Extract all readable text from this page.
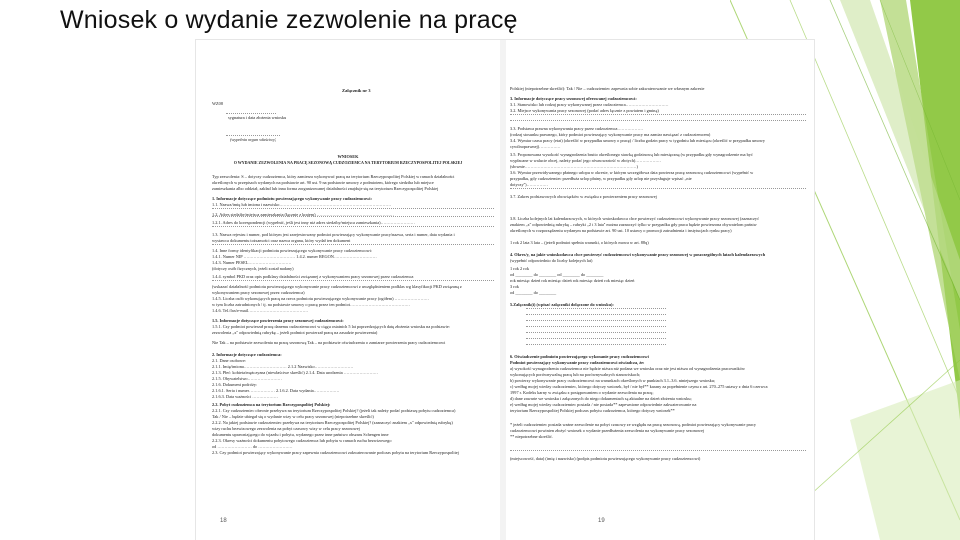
Wniosek o wydanie zezwolenie na pracę
Załącznik nr 3
WZ08
sygnatura i data złożenia wniosku
(wypełnia organ właściwy)
WNIOSEK
O WYDANIE ZEZWOLENIA NA PRACĘ SEZONOWĄ CUDZOZIEMCA NA TERYTORIUM RZECZYPOSPOLITEJ POLSKIEJ
Typ zezwolenia: S – dotyczy cudzoziemca, który zamierza wykonywać pracę na terytorium Rzeczypospolitej Polskiej w ramach działalności
określonych w przepisach wydanych na podstawie art. 90 ust. 9 na podstawie umowy z podmiotem, którego siedziba lub miejsce
zamieszkania albo oddział, zakład lub inna forma zorganizowanej działalności znajduje się na terytorium Rzeczypospolitej Polskiej
1. Informacje dotyczące podmiotu powierzającego wykonywanie pracy cudzoziemcowi:
1.1. Nazwa/imię lub imiona i nazwisko……………………………………………………………………
1.2. Adres siedziby/miejsca zamieszkania (łącznie z krajem) ………………………………………………
1.2.1. Adres do korespondencji (wypełnić, jeśli jest inny niż adres siedziby/miejsca zamieszkania)……………………
1.3. Nazwa rejestru i numer, pod którym jest zarejestrowany podmiot powierzający wykonywanie pracy/nazwa, seria i numer, data wydania i
wystawca dokumentu tożsamości oraz nazwa organu, który wydał ten dokument
1.4. Inne formy identyfikacji podmiotu powierzającego wykonywanie pracy cudzoziemcowi:
1.4.1. Numer NIP ……………………………… 1.4.2. numer REGON…………………………
1.4.3. Numer PESEL…………………………
(dotyczy osób fizycznych, jeżeli został nadany)
1.4.4. symbol PKD oraz opis podklasy działalności związanej z wykonywaniem pracy sezonowej przez cudzoziemca
(wskazać działalność podmiotu powierzającego wykonywanie pracy cudzoziemcowi z uwzględnieniem podklas wg klasyfikacji PKD związaną z
wykonywaniem pracy sezonowej przez cudzoziemca)
1.4.5. Liczba osób wykonujących pracę na rzecz podmiotu powierzającego wykonywanie pracy (ogółem) ……………………
w tym liczba zatrudnionych / tj. na podstawie umowy o pracę przez ten podmiot……………………………………
1.4.6. Tel./fax/e-mail……………………………………
1.5. Informacje dotyczące powierzenia pracy sezonowej cudzoziemcowi:
1.5.1. Czy podmiot powierzał pracę danemu cudzoziemcowi w ciągu ostatnich 5 lat poprzedzających datę złożenia wniosku na podstawie:
zezwolenia „x'' odpowiednią rubrykę – jeżeli podmiot powierzał pracę na zasadzie powierzenia)
Nie Tak – na podstawie zezwolenia na pracę sezonową Tak – na podstawie oświadczenia o zamiarze powierzenia pracy cudzoziemcowi
2. Informacje dotyczące cudzoziemca:
2.1. Dane osobowe:
2.1.1. Imię/imiona………………………… 2.1.2 Nazwisko………………………
2.1.3. Płeć: kobieta/mężczyzna (niewłaściwe skreślić) 2.1.4. Data urodzenia ……………………
2.1.5. Obywatelstwo……………………
2.1.6. Dokument podróży:
2.1.6.1. Seria i numer……………… 2.1.6.2. Data wydania………………
2.1.6.3. Data ważności ………………
2.2. Pobyt cudzoziemca na terytorium Rzeczypospolitej Polskiej:
2.2.1. Czy cudzoziemiec obecnie przebywa na terytorium Rzeczypospolitej Polskiej? (jeżeli tak należy podać podstawę pobytu cudzoziemca)
Tak / Nie – będzie ubiegał się o wydanie wizy w celu pracy sezonowej (niepotrzebne skreślić)
2.2.2. Na jakiej podstawie cudzoziemiec przebywa na terytorium Rzeczypospolitej Polskiej? (zaznaczyć znakiem „x'' odpowiednią rubrykę)
wizy ruchu bezwizowego zezwolenia na pobyt czasowy wizy w celu pracy sezonowej
dokumentu uprawniającego do wjazdu i pobytu, wydanego przez inne państwo obszaru Schengen inne
2.2.3. Okresy ważności dokumentu pobytowego cudzoziemca lub pobytu w ramach ruchu bezwizowego
od …………………… do ……………………
2.3. Czy podmiot powierzający wykonywanie pracy zapewnia cudzoziemcowi zakwaterowanie podczas pobytu na terytorium Rzeczypospolitej
18
Polskiej (niepotrzebne skreślić): Tak / Nie – cudzoziemiec zapewnia sobie zakwaterowanie we własnym zakresie
3. Informacje dotyczące pracy sezonowej oferowanej cudzoziemcowi:
3.1. Stanowisko lub rodzaj pracy wykonywanej przez cudzoziemca…………………………
3.2. Miejsce wykonywania pracy sezonowej (podać adres łącznie z powiatem i gminą)
3.3. Podstawa prawna wykonywania pracy przez cudzoziemca………………
(rodzaj stosunku prawnego, który podmiot powierzający wykonywanie pracy ma zamiar nawiązać z cudzoziemcem)
3.4. Wymiar czasu pracy (etat) (określić w przypadku umowy o pracę) / liczba godzin pracy w tygodniu lub miesiącu (określić w przypadku umowy
cywilnoprawnej)……………
3.5. Proponowana wysokość wynagrodzenia brutto określonego stawką godzinową lub miesięczną (w przypadku gdy wynagrodzenie ma być
wypłacane w walucie obcej, należy podać jego równowartość w złotych)………………
(słownie……………………………………………………………………)
3.6. Wymiar przewidywanego płatnego urlopu w okresie, w którym szczegółowa data powierza pracę sezonową cudzoziemcowi (wypełnić w
przypadku, gdy cudzoziemiec przedłuża urlop płatny, w przypadku gdy urlop nie przysługuje wpisać „nie
dotyczy'')……………
3.7. Zakres podstawowych obowiązków w związku z powierzeniem pracy sezonowej
3.8. Liczba kolejnych lat kalendarzowych, w których wnioskodawca chce powierzyć cudzoziemcowi wykonywanie pracy sezonowej (zaznaczyć
znakiem „x'' odpowiednią rubrykę – rubryki „2 i 3 lata'' można zaznaczyć tylko w przypadku gdy praca będzie powierzona obywatelom państw
określonych w rozporządzeniu wydanym na podstawie art. 90 ust. 10 ustawy o promocji zatrudnienia i instytucjach rynku pracy)
1 rok 2 lata 3 lata – (jeżeli podmiot spełnia warunki, o których mowa w art. 88q)
4. Okres/y, na jakie wnioskodawca chce powierzyć cudzoziemcowi wykonywanie pracy sezonowej w poszczególnych latach kalendarzowych
(wypełnić odpowiednio do liczby kolejnych lat)
1 rok 2 rok
od ________ do ________ od ________ do ________
rok miesiąc dzień rok miesiąc dzień rok miesiąc dzień rok miesiąc dzień
3 rok
od ________ do ________
5.Załącznik(i) (wpisać załączniki dołączone do wniosku):
6. Oświadczenie podmiotu powierzającego wykonanie pracy cudzoziemcowi
Podmiot powierzający wykonywanie pracy cudzoziemcowi oświadcza, że:
a) wysokość wynagrodzenia cudzoziemca nie będzie niższa niż podana we wniosku oraz nie jest niższa od wynagrodzenia pracowników
wykonujących porównywalną pracę lub na porównywalnych stanowiskach;
b) powierzy wykonywanie pracy cudzoziemcowi na warunkach określonych w punktach 3.1–3.6. niniejszego wniosku;
c) według mojej wiedzy cudzoziemiec, którego dotyczy wniosek, był / nie był** karany za popełnienie czynu z art. 270–275 ustawy z dnia 6 czerwca
1997 r. Kodeks karny w związku z postępowaniem o wydanie zezwolenia na pracę;
d) dane zawarte we wniosku i załączonych do niego dokumentach są aktualne na dzień złożenia wniosku;
e) według mojej wiedzy cudzoziemiec posiada / nie posiada** zapewnione odpowiednie zakwaterowanie na
terytorium Rzeczypospolitej Polskiej podczas pobytu cudzoziemca, którego dotyczy wniosek**
* jeżeli cudzoziemiec posiada ważne zezwolenie na pobyt czasowy ze względu na pracę sezonową, podmiot powierzający wykonywanie pracy
cudzoziemcowi powinien złożyć wniosek o wydanie przedłużenia zezwolenia na wykonywanie pracy sezonowej
** niepotrzebne skreślić.
(miejscowość, data) (imię i nazwisko) (podpis podmiotu powierzającego wykonywanie pracy cudzoziemcowi)
19
